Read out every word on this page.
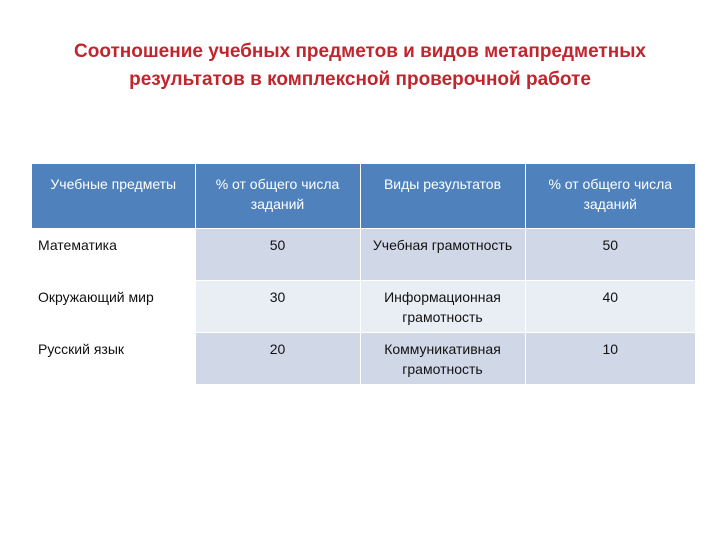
Соотношение учебных предметов и видов метапредметных результатов в комплексной проверочной работе
Учебные предметы	% от общего числа заданий	Виды результатов	% от общего числа заданий
Математика	50	Учебная грамотность	50
Окружающий мир	30	Информационная грамотность	40
Русский язык	20	Коммуникативная грамотность	10
